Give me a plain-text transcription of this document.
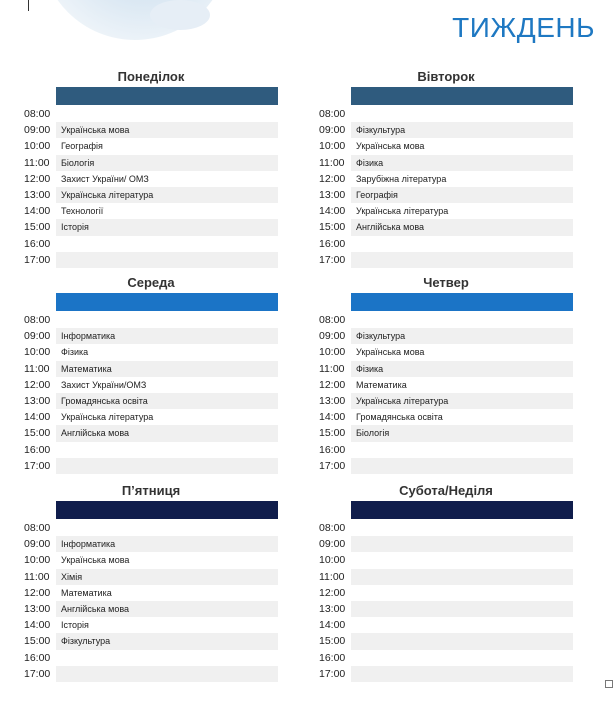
ТИЖДЕНЬ
Понеділок
08:00
09:00	Українська мова
10:00	Географія
11:00	Біологія
12:00	Захист України/ ОМЗ
13:00	Українська література
14:00	Технології
15:00	Історія
16:00
17:00
Вівторок
08:00
09:00	Фізкультура
10:00	Українська мова
11:00	Фізика
12:00	Зарубіжна література
13:00	Географія
14:00	Українська література
15:00	Англійська мова
16:00
17:00
Середа
08:00
09:00	Інформатика
10:00	Фізика
11:00	Математика
12:00	Захист України/ОМЗ
13:00	Громадянська освіта
14:00	Українська література
15:00	Англійська мова
16:00
17:00
Четвер
08:00
09:00	Фізкультура
10:00	Українська мова
11:00	Фізика
12:00	Математика
13:00	Українська література
14:00	Громадянська освіта
15:00	Біологія
16:00
17:00
П’ятниця
08:00
09:00	Інформатика
10:00	Українська мова
11:00	Хімія
12:00	Математика
13:00	Англійська мова
14:00	Історія
15:00	Фізкультура
16:00
17:00
Субота/Неділя
08:00
09:00
10:00
11:00
12:00
13:00
14:00
15:00
16:00
17:00
